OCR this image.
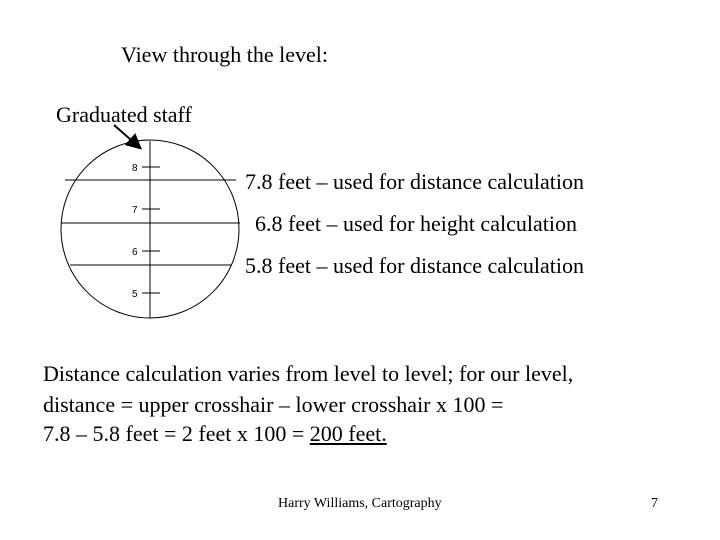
View through the level:
Graduated staff
8
7
6
5
7.8 feet – used for distance calculation
6.8 feet – used for height calculation
5.8 feet – used for distance calculation
Distance calculation varies from level to level; for our level,
distance = upper crosshair – lower crosshair x 100 =
7.8 – 5.8 feet = 2 feet x 100 = 200 feet.
Harry Williams, Cartography	7
